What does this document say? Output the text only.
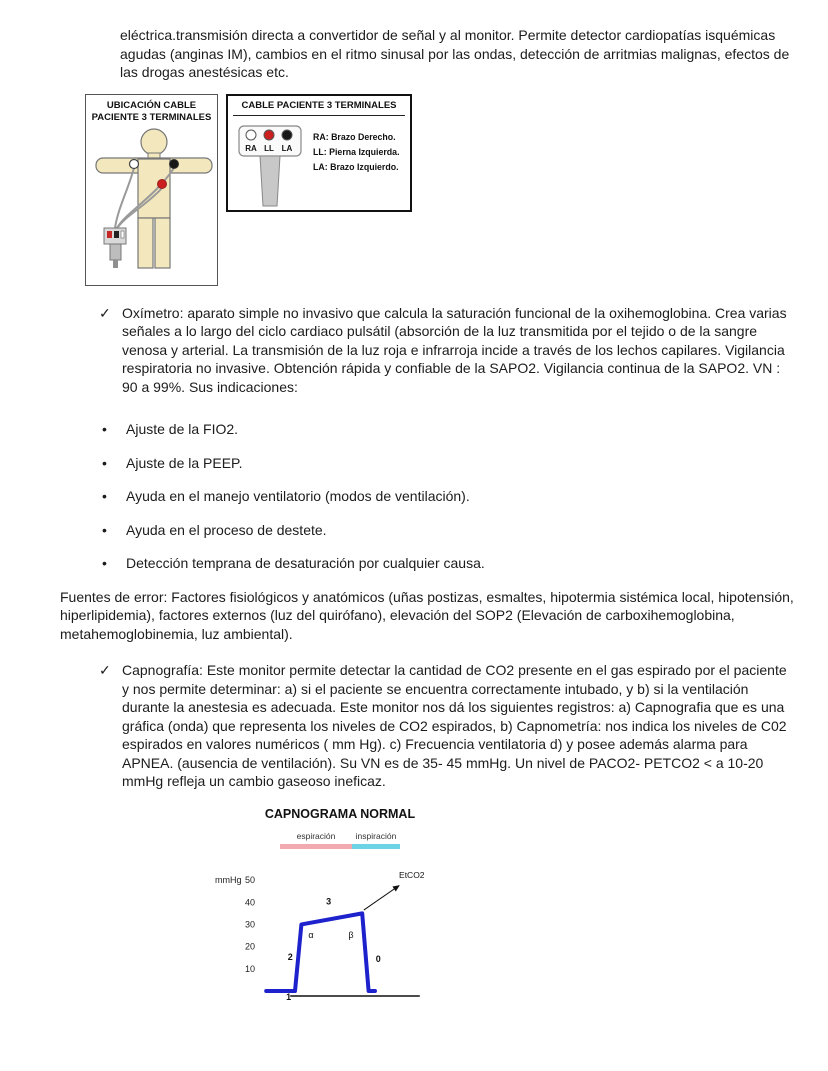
eléctrica.transmisión directa a convertidor de señal y al monitor. Permite detector cardiopatías isquémicas agudas (anginas IM), cambios en el ritmo sinusal por las ondas, detección de arritmias malignas, efectos de las drogas anestésicas etc.

UBICACIÓN CABLE
PACIENTE 3 TERMINALES
CABLE PACIENTE 3 TERMINALES
RA LL LA
RA: Brazo Derecho.
LL: Pierna Izquierda.
LA: Brazo Izquierdo.
✓ Oxímetro: aparato simple no invasivo que calcula la saturación funcional de la oxihemoglobina. Crea varias señales a lo largo del ciclo cardiaco pulsátil (absorción de la luz transmitida por el tejido o de la sangre venosa y arterial. La transmisión de la luz roja e infrarroja incide a través de los lechos capilares. Vigilancia respiratoria no invasive. Obtención rápida y confiable de la SAPO2. Vigilancia continua de la SAPO2. VN : 90 a 99%. Sus indicaciones:
•	Ajuste de la FIO2.
•	Ajuste de la PEEP.
•	Ayuda en el manejo ventilatorio (modos de ventilación).
•	Ayuda en el proceso de destete.
•	Detección temprana de desaturación por cualquier causa.

Fuentes de error: Factores fisiológicos y anatómicos (uñas postizas, esmaltes, hipotermia sistémica local, hipotensión, hiperlipidemia), factores externos (luz del quirófano), elevación del SOP2 (Elevación de carboxihemoglobina, metahemoglobinemia, luz ambiental).

✓ Capnografía: Este monitor permite detectar la cantidad de CO2 presente en el gas espirado por el paciente y nos permite determinar: a) si el paciente se encuentra correctamente intubado, y b) si la ventilación durante la anestesia es adecuada. Este monitor nos dá los siguientes registros: a) Capnografia que es una gráfica (onda) que representa los niveles de CO2 espirados, b) Capnometría: nos indica los niveles de C02 espirados en valores numéricos ( mm Hg). c) Frecuencia ventilatoria d) y posee además alarma para APNEA. (ausencia de ventilación). Su VN es de 35- 45 mmHg. Un nivel de PACO2- PETCO2 < a 10-20 mmHg refleja un cambio gaseoso ineficaz.
CAPNOGRAMA NORMAL
espiración inspiración
mmHg 50
40
30
20
10
1
2
3
α	β
0
EtCO2
